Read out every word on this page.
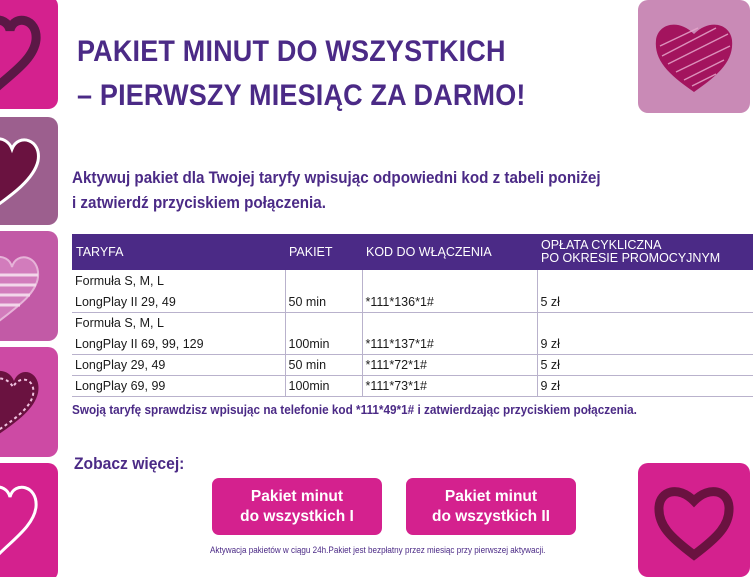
PAKIET MINUT DO WSZYSTKICH
– PIERWSZY MIESIĄC ZA DARMO!
Aktywuj pakiet dla Twojej taryfy wpisując odpowiedni kod z tabeli poniżej
i zatwierdź przyciskiem połączenia.
TARYFA	PAKIET	KOD DO WŁĄCZENIA	OPŁATA CYKLICZNA
PO OKRESIE PROMOCYJNYM

Formuła S, M, L
LongPlay II 29, 49	50 min	*111*136*1#	5 zł

Formuła S, M, L
LongPlay II 69, 99, 129	100min	*111*137*1#	9 zł
LongPlay 29, 49	50 min	*111*72*1#	5 zł
LongPlay 69, 99	100min	*111*73*1#	9 zł
Swoją taryfę sprawdzisz wpisując na telefonie kod *111*49*1# i zatwierdzając przyciskiem połączenia.
Zobacz więcej:
Pakiet minut
do wszystkich I
Pakiet minut
do wszystkich II
Aktywacja pakietów w ciągu 24h.Pakiet jest bezpłatny przez miesiąc przy pierwszej aktywacji.
